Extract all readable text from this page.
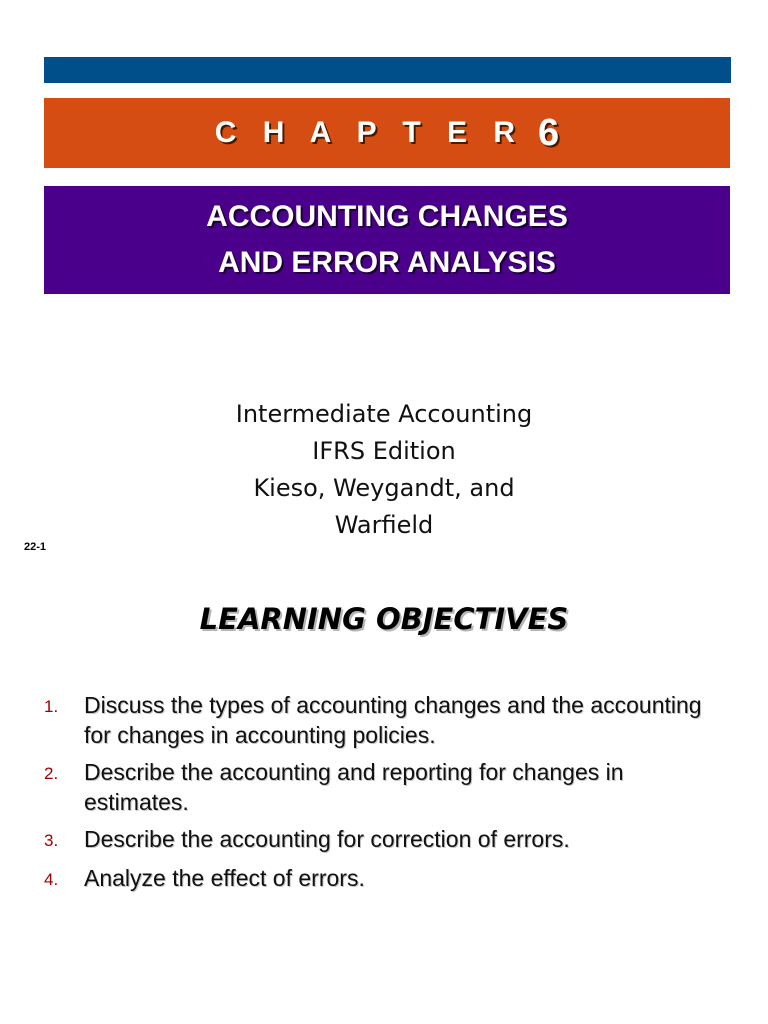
C H A P T E R 6
ACCOUNTING CHANGES
AND ERROR ANALYSIS
Intermediate Accounting
IFRS Edition
Kieso, Weygandt, and
Warfield
22-1
LEARNING OBJECTIVES
1.	Discuss the types of accounting changes and the accounting for changes in accounting policies.
2.	Describe the accounting and reporting for changes in estimates.
3.	Describe the accounting for correction of errors.
4.	Analyze the effect of errors.
